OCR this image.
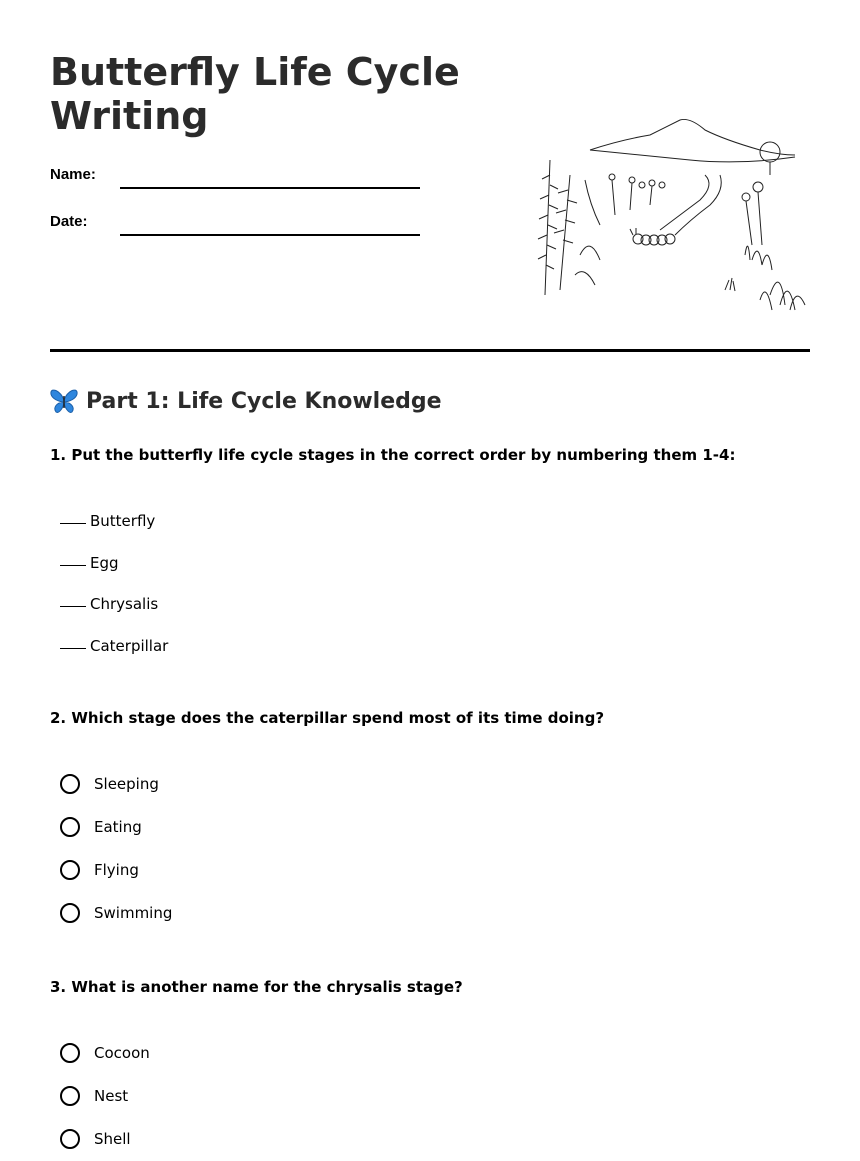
Butterfly Life Cycle Writing
Name:
Date:
Part 1: Life Cycle Knowledge
1. Put the butterfly life cycle stages in the correct order by numbering them 1-4:
Butterfly
Egg
Chrysalis
Caterpillar
2. Which stage does the caterpillar spend most of its time doing?
Sleeping
Eating
Flying
Swimming
3. What is another name for the chrysalis stage?
Cocoon
Nest
Shell
